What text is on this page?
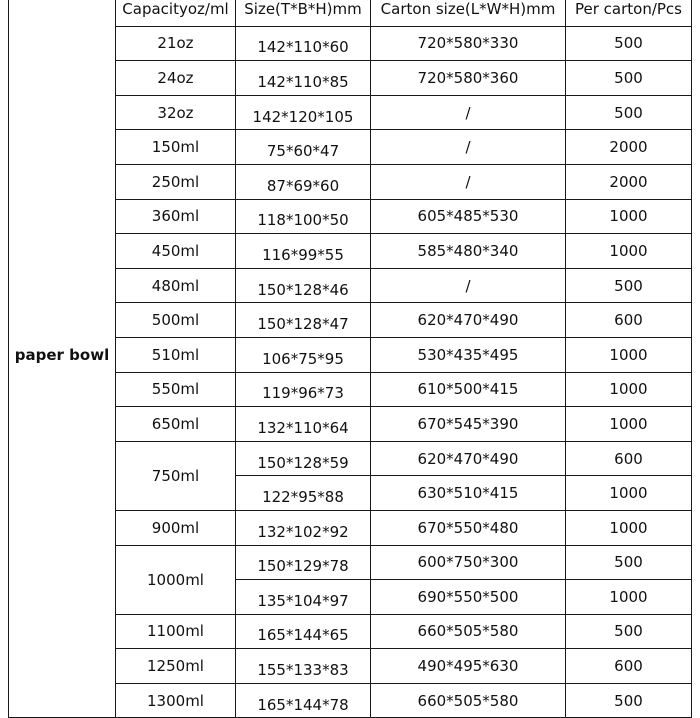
paper bowl	Capacityoz/ml	Size(T*B*H)mm	Carton size(L*W*H)mm	Per carton/Pcs
	21oz	142*110*60	720*580*330	500
	24oz	142*110*85	720*580*360	500
	32oz	142*120*105	/	500
	150ml	75*60*47	/	2000
	250ml	87*69*60	/	2000
	360ml	118*100*50	605*485*530	1000
	450ml	116*99*55	585*480*340	1000
	480ml	150*128*46	/	500
	500ml	150*128*47	620*470*490	600
	510ml	106*75*95	530*435*495	1000
	550ml	119*96*73	610*500*415	1000
	650ml	132*110*64	670*545*390	1000
	750ml	150*128*59	620*470*490	600
		122*95*88	630*510*415	1000
	900ml	132*102*92	670*550*480	1000
	1000ml	150*129*78	600*750*300	500
		135*104*97	690*550*500	1000
	1100ml	165*144*65	660*505*580	500
	1250ml	155*133*83	490*495*630	600
	1300ml	165*144*78	660*505*580	500
